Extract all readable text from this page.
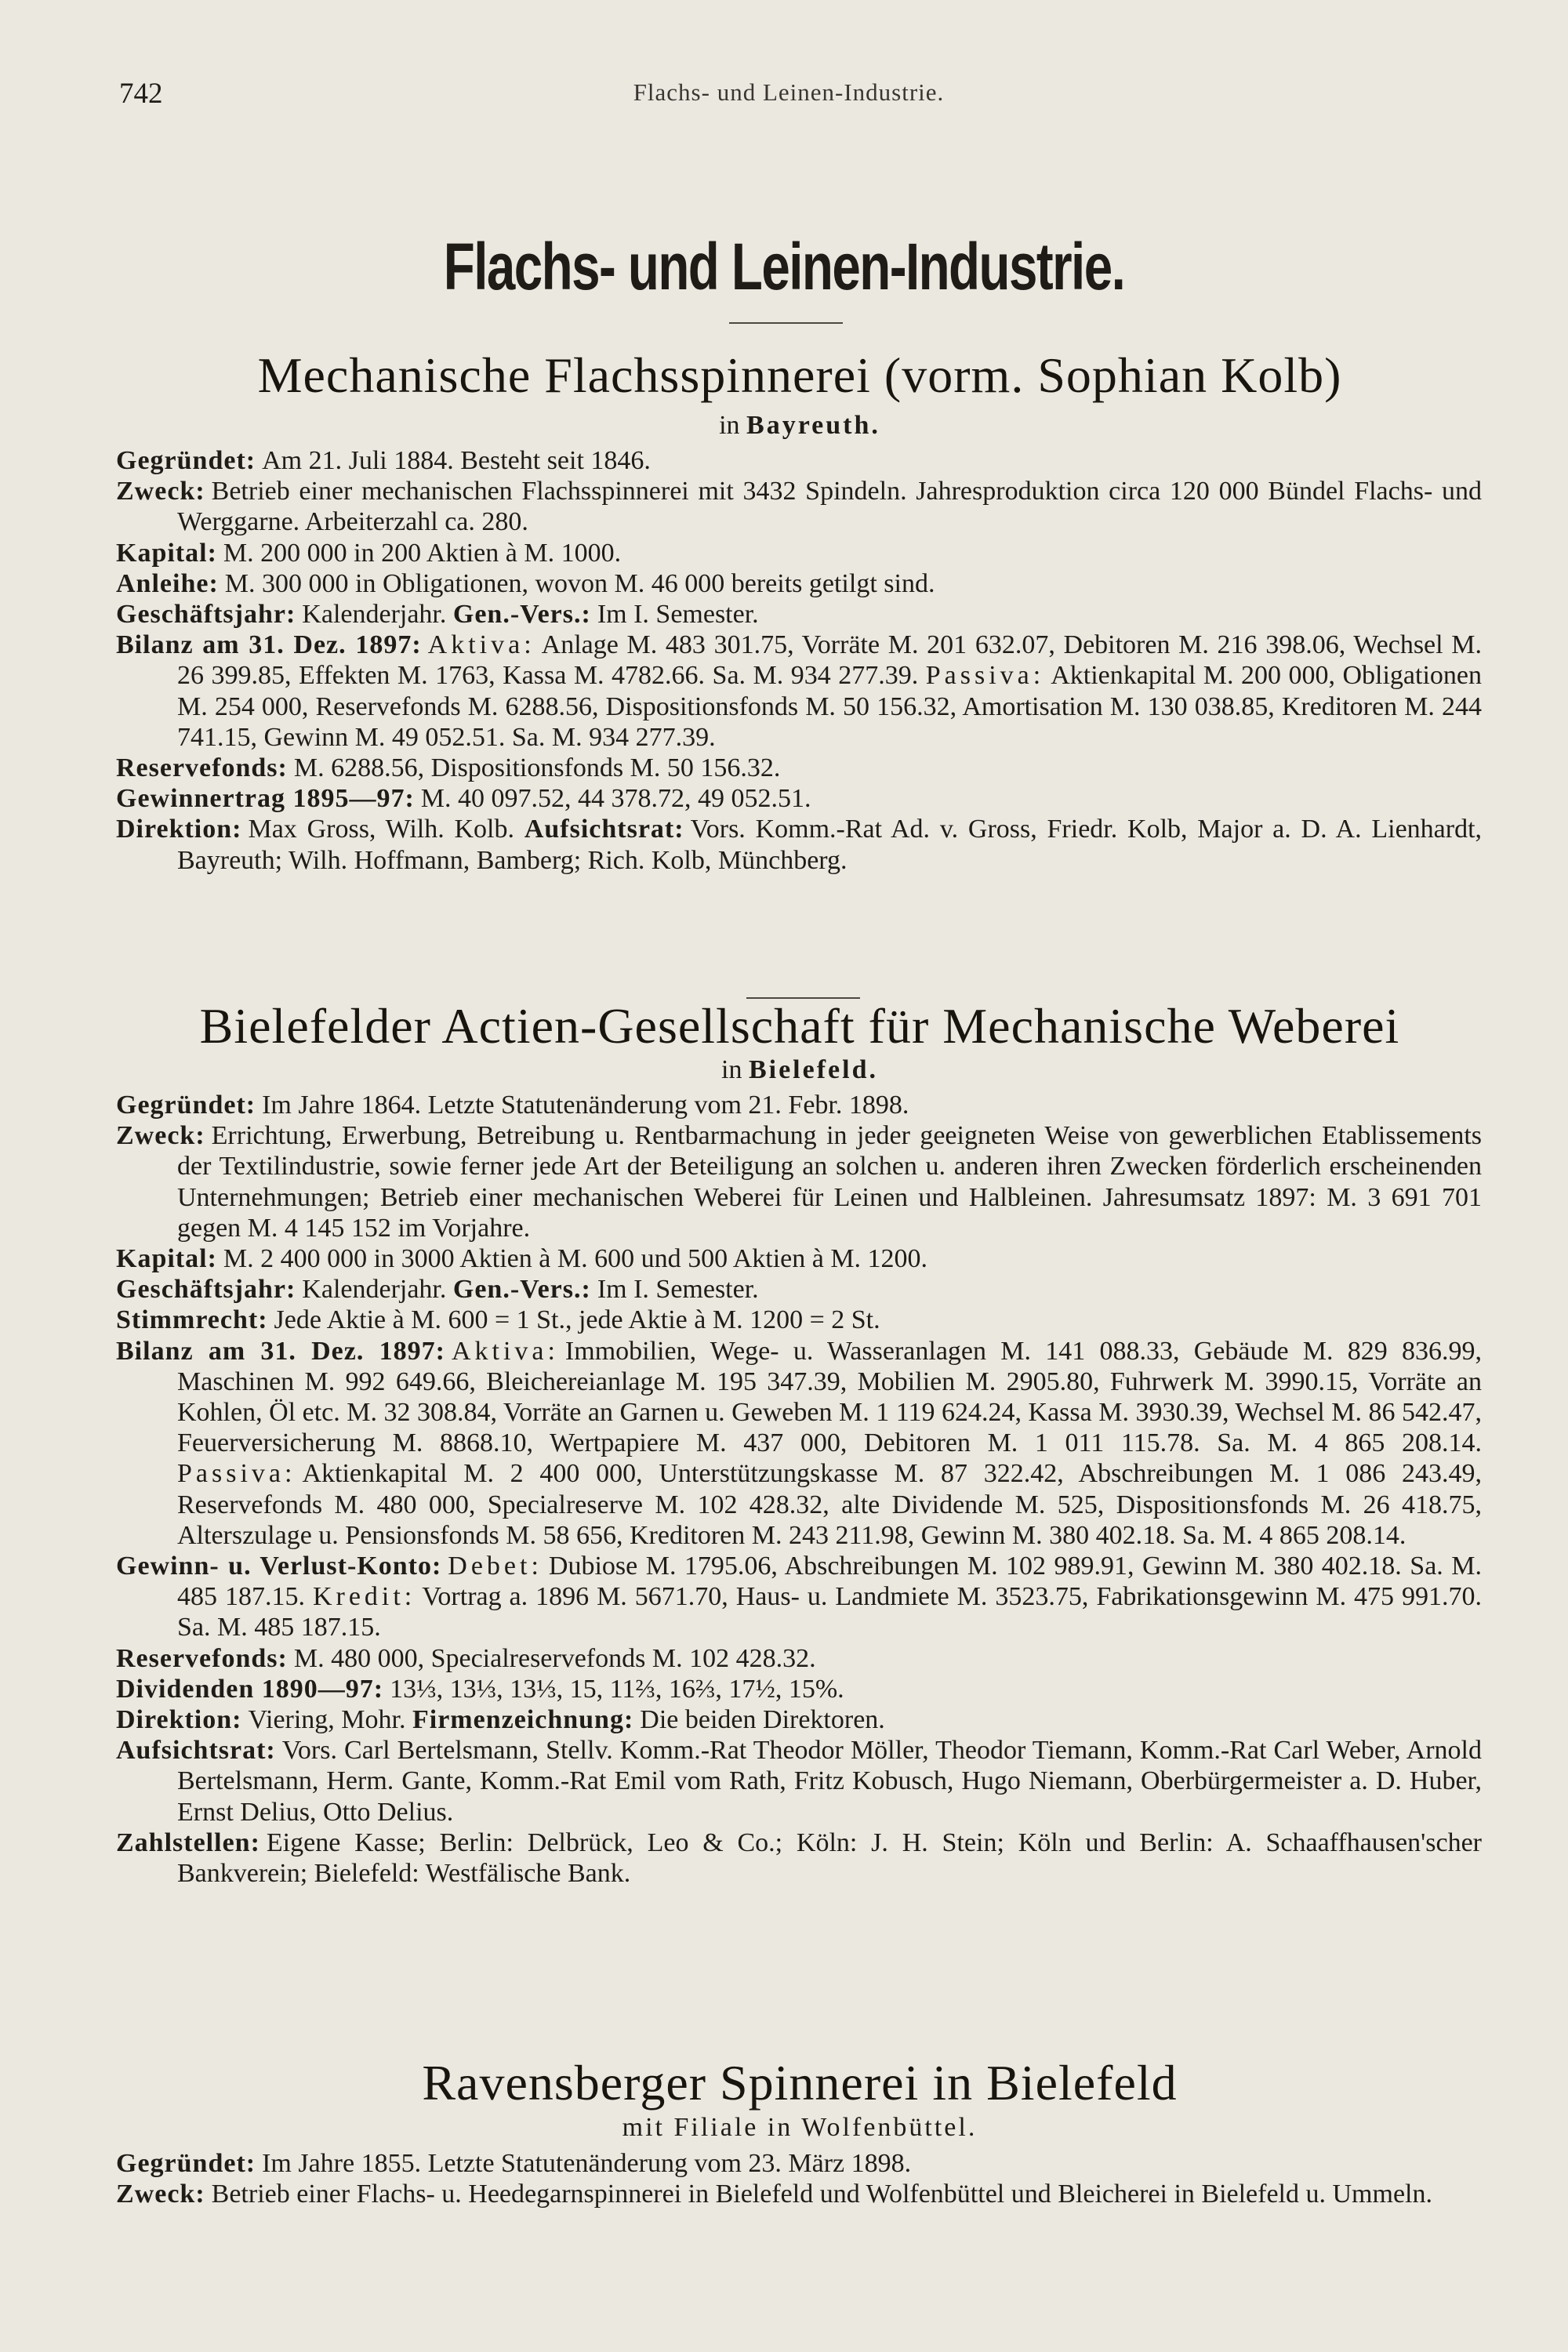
742	Flachs- und Leinen-Industrie.
Flachs- und Leinen-Industrie.
Mechanische Flachsspinnerei (vorm. Sophian Kolb)
in Bayreuth.
Gegründet: Am 21. Juli 1884. Besteht seit 1846.
Zweck: Betrieb einer mechanischen Flachsspinnerei mit 3432 Spindeln. Jahresproduktion circa 120 000 Bündel Flachs- und Werggarne. Arbeiterzahl ca. 280.
Kapital: M. 200 000 in 200 Aktien à M. 1000.
Anleihe: M. 300 000 in Obligationen, wovon M. 46 000 bereits getilgt sind.
Geschäftsjahr: Kalenderjahr. Gen.-Vers.: Im I. Semester.
Bilanz am 31. Dez. 1897: Aktiva: Anlage M. 483 301.75, Vorräte M. 201 632.07, Debitoren M. 216 398.06, Wechsel M. 26 399.85, Effekten M. 1763, Kassa M. 4782.66. Sa. M. 934 277.39. Passiva: Aktienkapital M. 200 000, Obligationen M. 254 000, Reservefonds M. 6288.56, Dispositionsfonds M. 50 156.32, Amortisation M. 130 038.85, Kreditoren M. 244 741.15, Gewinn M. 49 052.51. Sa. M. 934 277.39.
Reservefonds: M. 6288.56, Dispositionsfonds M. 50 156.32.
Gewinnertrag 1895—97: M. 40 097.52, 44 378.72, 49 052.51.
Direktion: Max Gross, Wilh. Kolb. Aufsichtsrat: Vors. Komm.-Rat Ad. v. Gross, Friedr. Kolb, Major a. D. A. Lienhardt, Bayreuth; Wilh. Hoffmann, Bamberg; Rich. Kolb, Münchberg.
Bielefelder Actien-Gesellschaft für Mechanische Weberei
in Bielefeld.
Gegründet: Im Jahre 1864. Letzte Statutenänderung vom 21. Febr. 1898.
Zweck: Errichtung, Erwerbung, Betreibung u. Rentbarmachung in jeder geeigneten Weise von gewerblichen Etablissements der Textilindustrie, sowie ferner jede Art der Beteiligung an solchen u. anderen ihren Zwecken förderlich erscheinenden Unternehmungen; Betrieb einer mechanischen Weberei für Leinen und Halbleinen. Jahresumsatz 1897: M. 3 691 701 gegen M. 4 145 152 im Vorjahre.
Kapital: M. 2 400 000 in 3000 Aktien à M. 600 und 500 Aktien à M. 1200.
Geschäftsjahr: Kalenderjahr. Gen.-Vers.: Im I. Semester.
Stimmrecht: Jede Aktie à M. 600 = 1 St., jede Aktie à M. 1200 = 2 St.
Bilanz am 31. Dez. 1897: Aktiva: Immobilien, Wege- u. Wasseranlagen M. 141 088.33, Gebäude M. 829 836.99, Maschinen M. 992 649.66, Bleichereianlage M. 195 347.39, Mobilien M. 2905.80, Fuhrwerk M. 3990.15, Vorräte an Kohlen, Öl etc. M. 32 308.84, Vorräte an Garnen u. Geweben M. 1 119 624.24, Kassa M. 3930.39, Wechsel M. 86 542.47, Feuerversicherung M. 8868.10, Wertpapiere M. 437 000, Debitoren M. 1 011 115.78. Sa. M. 4 865 208.14. Passiva: Aktienkapital M. 2 400 000, Unterstützungskasse M. 87 322.42, Abschreibungen M. 1 086 243.49, Reservefonds M. 480 000, Specialreserve M. 102 428.32, alte Dividende M. 525, Dispositionsfonds M. 26 418.75, Alterszulage u. Pensionsfonds M. 58 656, Kreditoren M. 243 211.98, Gewinn M. 380 402.18. Sa. M. 4 865 208.14.
Gewinn- u. Verlust-Konto: Debet: Dubiose M. 1795.06, Abschreibungen M. 102 989.91, Gewinn M. 380 402.18. Sa. M. 485 187.15. Kredit: Vortrag a. 1896 M. 5671.70, Haus- u. Landmiete M. 3523.75, Fabrikationsgewinn M. 475 991.70. Sa. M. 485 187.15.
Reservefonds: M. 480 000, Specialreservefonds M. 102 428.32.
Dividenden 1890—97: 13⅓, 13⅓, 13⅓, 15, 11⅔, 16⅔, 17½, 15%.
Direktion: Viering, Mohr. Firmenzeichnung: Die beiden Direktoren.
Aufsichtsrat: Vors. Carl Bertelsmann, Stellv. Komm.-Rat Theodor Möller, Theodor Tiemann, Komm.-Rat Carl Weber, Arnold Bertelsmann, Herm. Gante, Komm.-Rat Emil vom Rath, Fritz Kobusch, Hugo Niemann, Oberbürgermeister a. D. Huber, Ernst Delius, Otto Delius.
Zahlstellen: Eigene Kasse; Berlin: Delbrück, Leo & Co.; Köln: J. H. Stein; Köln und Berlin: A. Schaaffhausen'scher Bankverein; Bielefeld: Westfälische Bank.
Ravensberger Spinnerei in Bielefeld
mit Filiale in Wolfenbüttel.
Gegründet: Im Jahre 1855. Letzte Statutenänderung vom 23. März 1898.
Zweck: Betrieb einer Flachs- u. Heedegarnspinnerei in Bielefeld und Wolfenbüttel und Bleicherei in Bielefeld u. Ummeln.
